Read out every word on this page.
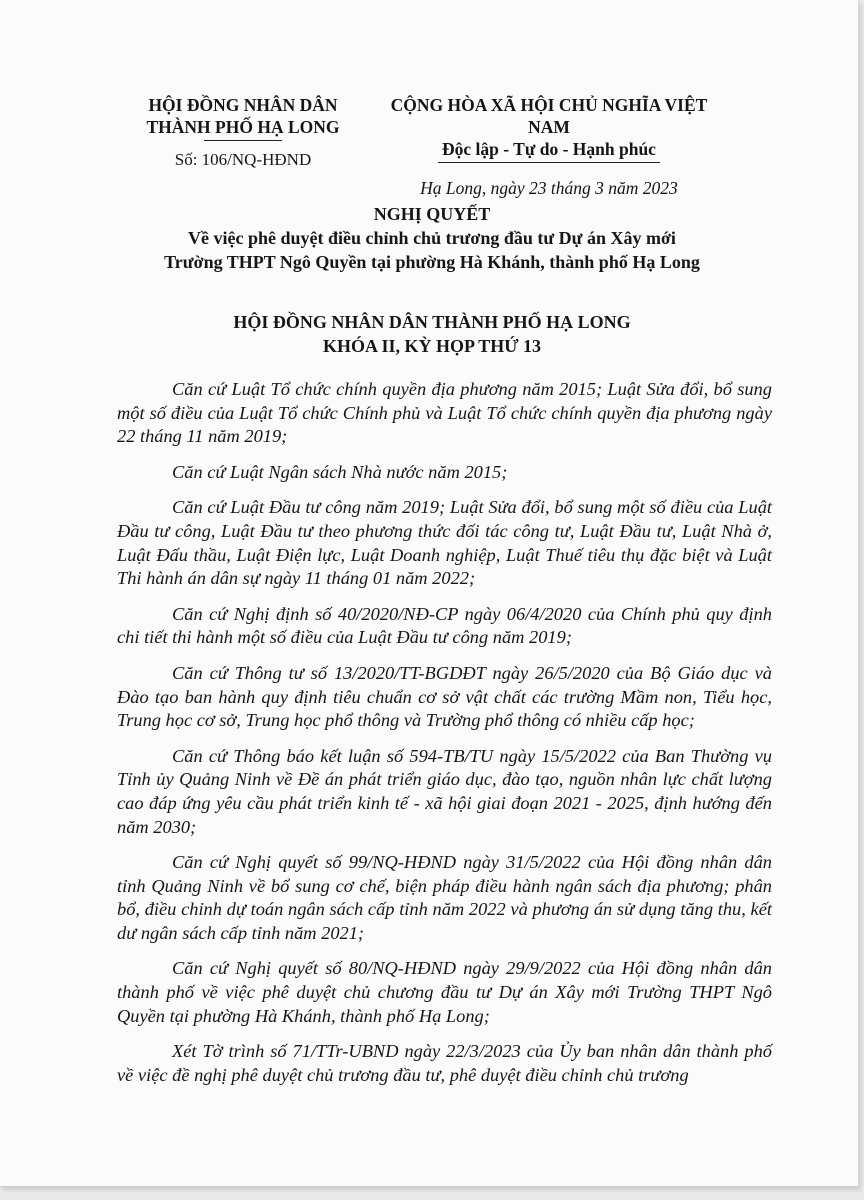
HỘI ĐỒNG NHÂN DÂN
THÀNH PHỐ HẠ LONG
Số: 106/NQ-HĐND
CỘNG HÒA XÃ HỘI CHỦ NGHĨA VIỆT NAM
Độc lập - Tự do - Hạnh phúc
Hạ Long, ngày 23 tháng 3 năm 2023
NGHỊ QUYẾT
Về việc phê duyệt điều chỉnh chủ trương đầu tư Dự án Xây mới
Trường THPT Ngô Quyền tại phường Hà Khánh, thành phố Hạ Long
HỘI ĐỒNG NHÂN DÂN THÀNH PHỐ HẠ LONG
KHÓA II, KỲ HỌP THỨ 13

Căn cứ Luật Tổ chức chính quyền địa phương năm 2015; Luật Sửa đổi, bổ sung một số điều của Luật Tổ chức Chính phủ và Luật Tổ chức chính quyền địa phương ngày 22 tháng 11 năm 2019;

Căn cứ Luật Ngân sách Nhà nước năm 2015;

Căn cứ Luật Đầu tư công năm 2019; Luật Sửa đổi, bổ sung một số điều của Luật Đầu tư công, Luật Đầu tư theo phương thức đối tác công tư, Luật Đầu tư, Luật Nhà ở, Luật Đấu thầu, Luật Điện lực, Luật Doanh nghiệp, Luật Thuế tiêu thụ đặc biệt và Luật Thi hành án dân sự ngày 11 tháng 01 năm 2022;

Căn cứ Nghị định số 40/2020/NĐ-CP ngày 06/4/2020 của Chính phủ quy định chi tiết thi hành một số điều của Luật Đầu tư công năm 2019;

Căn cứ Thông tư số 13/2020/TT-BGDĐT ngày 26/5/2020 của Bộ Giáo dục và Đào tạo ban hành quy định tiêu chuẩn cơ sở vật chất các trường Mầm non, Tiểu học, Trung học cơ sở, Trung học phổ thông và Trường phổ thông có nhiều cấp học;

Căn cứ Thông báo kết luận số 594-TB/TU ngày 15/5/2022 của Ban Thường vụ Tỉnh ủy Quảng Ninh về Đề án phát triển giáo dục, đào tạo, nguồn nhân lực chất lượng cao đáp ứng yêu cầu phát triển kinh tế - xã hội giai đoạn 2021 - 2025, định hướng đến năm 2030;

Căn cứ Nghị quyết số 99/NQ-HĐND ngày 31/5/2022 của Hội đồng nhân dân tỉnh Quảng Ninh về bổ sung cơ chế, biện pháp điều hành ngân sách địa phương; phân bổ, điều chỉnh dự toán ngân sách cấp tỉnh năm 2022 và phương án sử dụng tăng thu, kết dư ngân sách cấp tỉnh năm 2021;

Căn cứ Nghị quyết số 80/NQ-HĐND ngày 29/9/2022 của Hội đồng nhân dân thành phố về việc phê duyệt chủ chương đầu tư Dự án Xây mới Trường THPT Ngô Quyền tại phường Hà Khánh, thành phố Hạ Long;

Xét Tờ trình số 71/TTr-UBND ngày 22/3/2023 của Ủy ban nhân dân thành phố về việc đề nghị phê duyệt chủ trương đầu tư, phê duyệt điều chỉnh chủ trương
